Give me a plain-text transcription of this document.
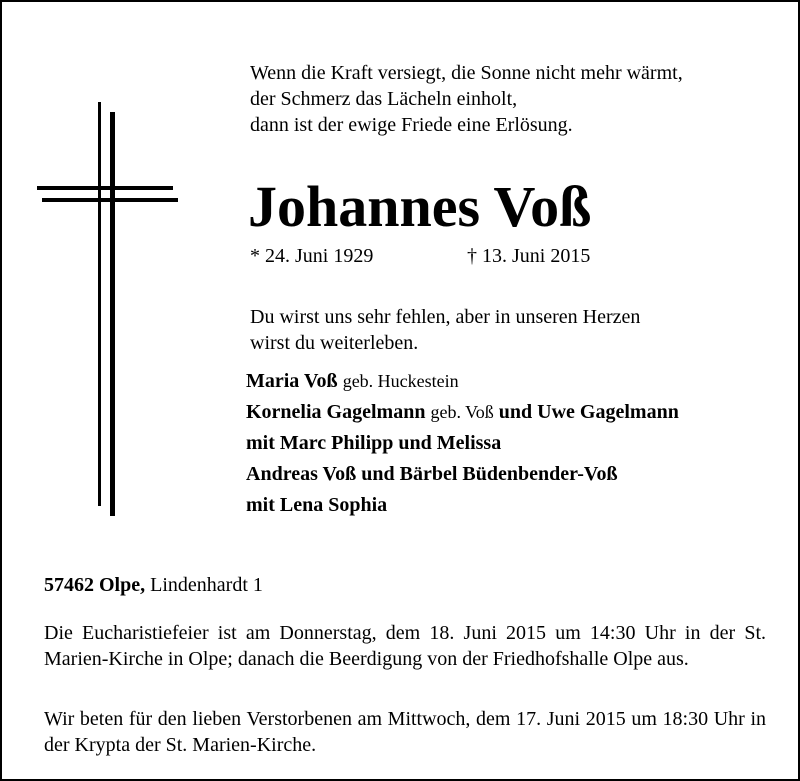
Wenn die Kraft versiegt, die Sonne nicht mehr wärmt,
der Schmerz das Lächeln einholt,
dann ist der ewige Friede eine Erlösung.
Johannes Voß
* 24. Juni 1929	† 13. Juni 2015
Du wirst uns sehr fehlen, aber in unseren Herzen
wirst du weiterleben.
Maria Voß geb. Huckestein
Kornelia Gagelmann geb. Voß und Uwe Gagelmann
mit Marc Philipp und Melissa
Andreas Voß und Bärbel Büdenbender-Voß
mit Lena Sophia
57462 Olpe, Lindenhardt 1
Die Eucharistiefeier ist am Donnerstag, dem 18. Juni 2015 um 14:30 Uhr in der St. Marien-Kirche in Olpe; danach die Beerdigung von der Friedhofshalle Olpe aus.
Wir beten für den lieben Verstorbenen am Mittwoch, dem 17. Juni 2015 um 18:30 Uhr in der Krypta der St. Marien-Kirche.
